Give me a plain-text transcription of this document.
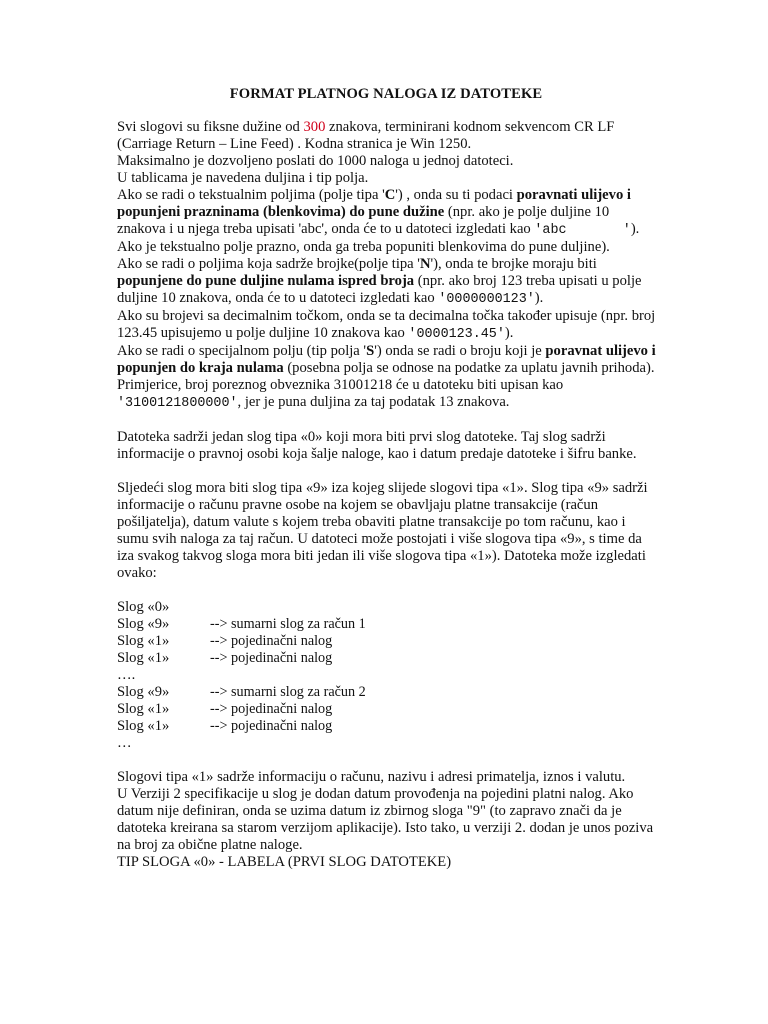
FORMAT PLATNOG NALOGA IZ DATOTEKE

Svi slogovi su fiksne dužine od 300 znakova, terminirani kodnom sekvencom CR LF (Carriage Return – Line Feed) . Kodna stranica je Win 1250.

Maksimalno je dozvoljeno poslati do 1000 naloga u jednoj datoteci.

U tablicama je navedena duljina i tip polja.

Ako se radi o tekstualnim poljima (polje tipa 'C') , onda su ti podaci poravnati ulijevo i popunjeni prazninama (blenkovima) do pune dužine (npr. ako je polje duljine 10 znakova i u njega treba upisati 'abc', onda će to u datoteci izgledati kao 'abc       ').

Ako je tekstualno polje prazno, onda ga treba popuniti blenkovima do pune duljine).

Ako se radi o poljima koja sadrže brojke(polje tipa 'N'), onda te brojke moraju biti popunjene do pune duljine nulama ispred broja (npr. ako broj 123 treba upisati u polje duljine 10 znakova, onda će to u datoteci izgledati kao '0000000123').

Ako su brojevi sa decimalnim točkom, onda se ta decimalna točka također upisuje (npr. broj 123.45 upisujemo u polje duljine 10 znakova kao '0000123.45').

Ako se radi o specijalnom polju (tip polja 'S') onda se radi o broju koji je poravnat ulijevo i popunjen do kraja nulama (posebna polja se odnose na podatke za uplatu javnih prihoda). Primjerice, broj poreznog obveznika 31001218 će u datoteku biti upisan kao '3100121800000', jer je puna duljina za taj podatak 13 znakova.

Datoteka sadrži jedan slog tipa «0» koji mora biti prvi slog datoteke. Taj slog sadrži informacije o pravnoj osobi koja šalje naloge, kao i datum predaje datoteke i šifru banke.

Sljedeći slog mora biti slog tipa «9» iza kojeg slijede slogovi tipa «1». Slog tipa «9» sadrži informacije o računu pravne osobe na kojem se obavljaju platne transakcije (račun pošiljatelja), datum valute s kojem treba obaviti platne transakcije po tom računu, kao i sumu svih naloga za taj račun. U datoteci može postojati i više slogova tipa «9», s time da iza svakog takvog sloga mora biti jedan ili više slogova tipa «1»). Datoteka može izgledati ovako:

Slog «0»
Slog «9»	--> sumarni slog za račun 1
Slog «1»	--> pojedinačni nalog
Slog «1»	--> pojedinačni nalog
….
Slog «9»	--> sumarni slog za račun 2
Slog «1»	--> pojedinačni nalog
Slog «1»	--> pojedinačni nalog
…

Slogovi tipa «1» sadrže informaciju o računu, nazivu i adresi primatelja, iznos i valutu.

U Verziji 2 specifikacije u slog je dodan datum provođenja na pojedini platni nalog. Ako datum nije definiran, onda se uzima datum iz zbirnog sloga "9" (to zapravo znači da je datoteka kreirana sa starom verzijom aplikacije). Isto tako, u verziji 2. dodan je unos poziva na broj za obične platne naloge.

TIP SLOGA «0» - LABELA (PRVI SLOG DATOTEKE)
